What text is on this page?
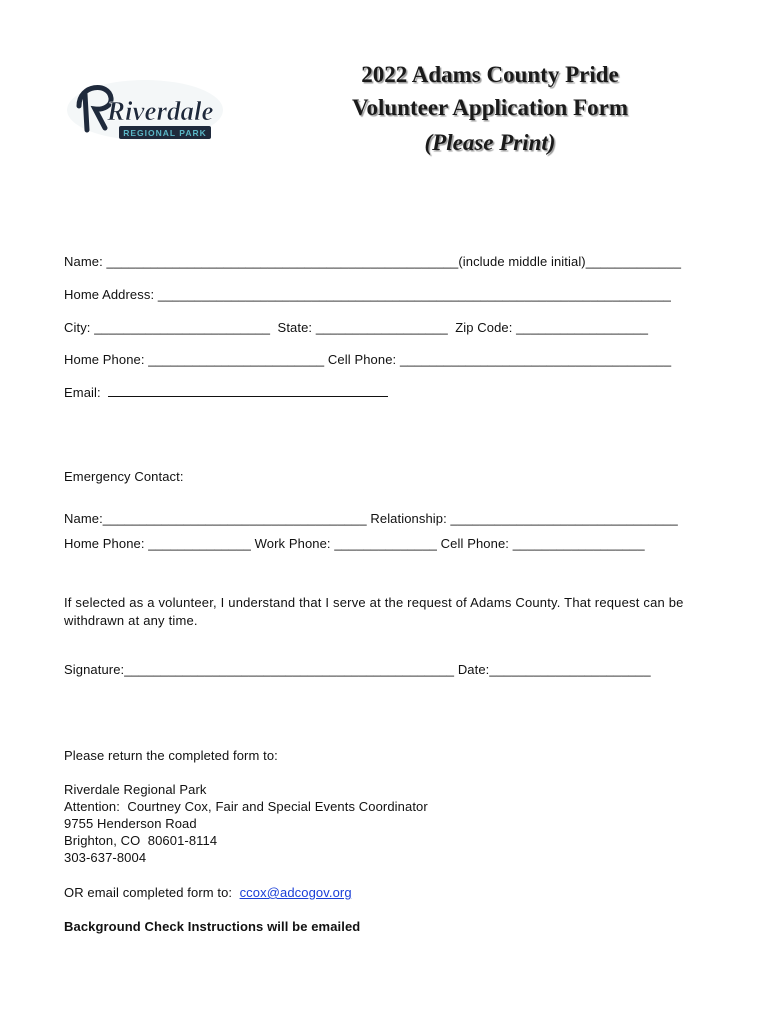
Riverdale
REGIONAL PARK
2022 Adams County Pride
Volunteer Application Form
(Please Print)
Name: ________________________________________________(include middle initial)_____________
Home Address: ______________________________________________________________________
City: ________________________  State: __________________  Zip Code: __________________
Home Phone: ________________________ Cell Phone: _____________________________________
Email:
Emergency Contact:
Name:____________________________________ Relationship: _______________________________
Home Phone: ______________ Work Phone: ______________ Cell Phone: __________________
If selected as a volunteer, I understand that I serve at the request of Adams County. That request can be withdrawn at any time.
Signature:_____________________________________________ Date:______________________
Please return the completed form to:
Riverdale Regional Park
Attention:  Courtney Cox, Fair and Special Events Coordinator
9755 Henderson Road
Brighton, CO  80601-8114
303-637-8004
OR email completed form to:  ccox@adcogov.org
Background Check Instructions will be emailed
